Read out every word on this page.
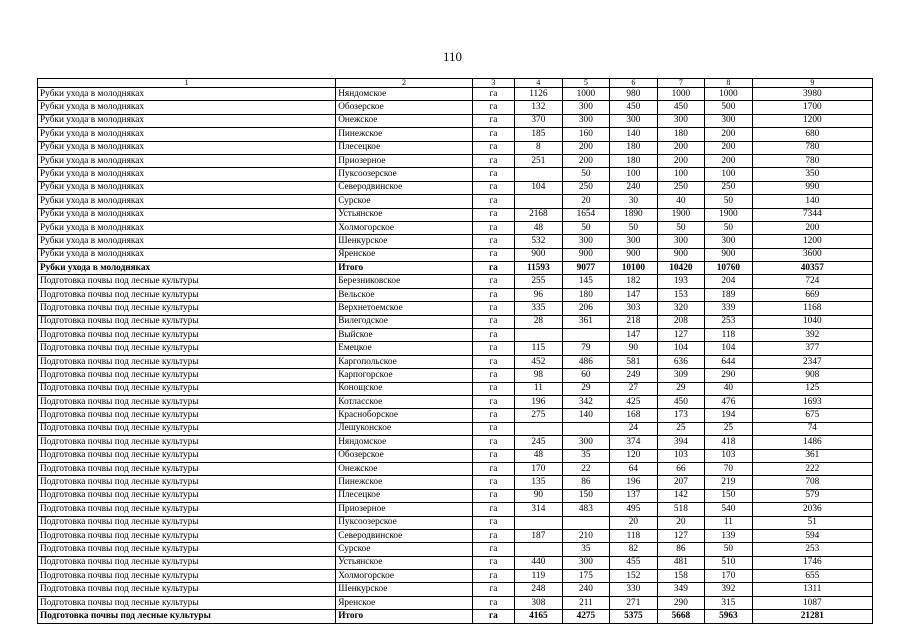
110
1	2	3	4	5	6	7	8	9
Рубки ухода в молодняках	Няндомское	га	1126	1000	980	1000	1000	3980
Рубки ухода в молодняках	Обозерское	га	132	300	450	450	500	1700
Рубки ухода в молодняках	Онежское	га	370	300	300	300	300	1200
Рубки ухода в молодняках	Пинежское	га	185	160	140	180	200	680
Рубки ухода в молодняках	Плесецкое	га	8	200	180	200	200	780
Рубки ухода в молодняках	Приозерное	га	251	200	180	200	200	780
Рубки ухода в молодняках	Пуксоозерское	га		50	100	100	100	350
Рубки ухода в молодняках	Северодвинское	га	104	250	240	250	250	990
Рубки ухода в молодняках	Сурское	га		20	30	40	50	140
Рубки ухода в молодняках	Устьянское	га	2168	1654	1890	1900	1900	7344
Рубки ухода в молодняках	Холмогорское	га	48	50	50	50	50	200
Рубки ухода в молодняках	Шенкурское	га	532	300	300	300	300	1200
Рубки ухода в молодняках	Яренское	га	900	900	900	900	900	3600
Рубки ухода в молодняках	Итого	га	11593	9077	10100	10420	10760	40357
Подготовка почвы под лесные культуры	Березниковское	га	255	145	182	193	204	724
Подготовка почвы под лесные культуры	Вельское	га	96	180	147	153	189	669
Подготовка почвы под лесные культуры	Верхнетоемское	га	335	206	303	320	339	1168
Подготовка почвы под лесные культуры	Вилегодское	га	28	361	218	208	253	1040
Подготовка почвы под лесные культуры	Выйское	га			147	127	118	392
Подготовка почвы под лесные культуры	Емецкое	га	115	79	90	104	104	377
Подготовка почвы под лесные культуры	Каргопольское	га	452	486	581	636	644	2347
Подготовка почвы под лесные культуры	Карпогорское	га	98	60	249	309	290	908
Подготовка почвы под лесные культуры	Конощское	га	11	29	27	29	40	125
Подготовка почвы под лесные культуры	Котласское	га	196	342	425	450	476	1693
Подготовка почвы под лесные культуры	Красноборское	га	275	140	168	173	194	675
Подготовка почвы под лесные культуры	Лешуконское	га			24	25	25	74
Подготовка почвы под лесные культуры	Няндомское	га	245	300	374	394	418	1486
Подготовка почвы под лесные культуры	Обозерское	га	48	35	120	103	103	361
Подготовка почвы под лесные культуры	Онежское	га	170	22	64	66	70	222
Подготовка почвы под лесные культуры	Пинежское	га	135	86	196	207	219	708
Подготовка почвы под лесные культуры	Плесецкое	га	90	150	137	142	150	579
Подготовка почвы под лесные культуры	Приозерное	га	314	483	495	518	540	2036
Подготовка почвы под лесные культуры	Пуксоозерское	га			20	20	11	51
Подготовка почвы под лесные культуры	Северодвинское	га	187	210	118	127	139	594
Подготовка почвы под лесные культуры	Сурское	га		35	82	86	50	253
Подготовка почвы под лесные культуры	Устьянское	га	440	300	455	481	510	1746
Подготовка почвы под лесные культуры	Холмогорское	га	119	175	152	158	170	655
Подготовка почвы под лесные культуры	Шенкурское	га	248	240	330	349	392	1311
Подготовка почвы под лесные культуры	Яренское	га	308	211	271	290	315	1087
Подготовка почвы под лесные культуры	Итого	га	4165	4275	5375	5668	5963	21281
